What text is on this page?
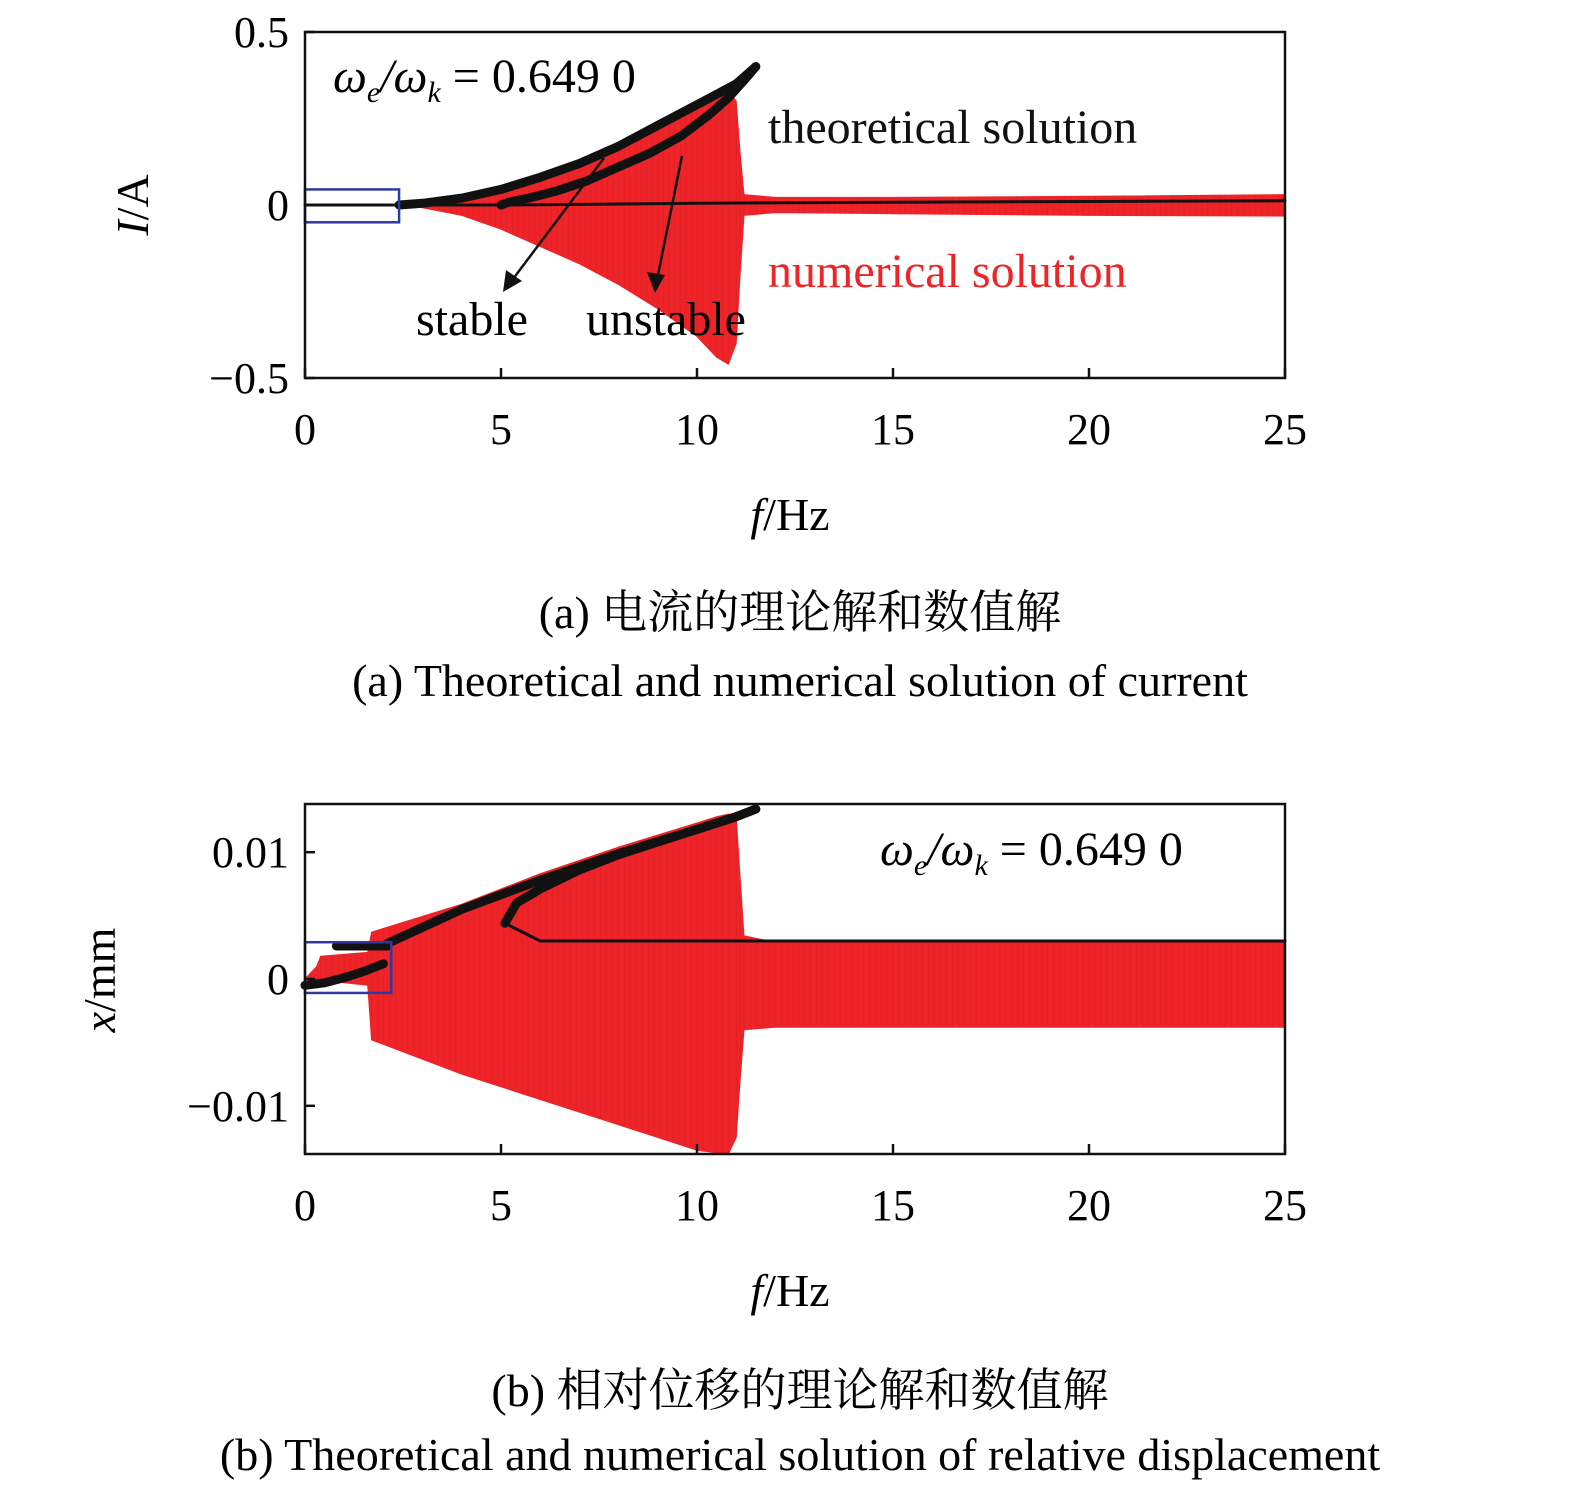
0	5	10	15	20	25
0.5
0
−0.5
f/Hz
I/A
$\omega_e/\omega_k = 0.649$ 0
theoretical solution
numerical solution
stable unstable
(a) 电流的理论解和数值解
(a) Theoretical and numerical solution of current
0	5	10	15	20	25
0.01
0
−0.01
f/Hz
x/mm
$\omega_e/\omega_k = 0.649$ 0
(b) 相对位移的理论解和数值解
(b) Theoretical and numerical solution of relative displacement
